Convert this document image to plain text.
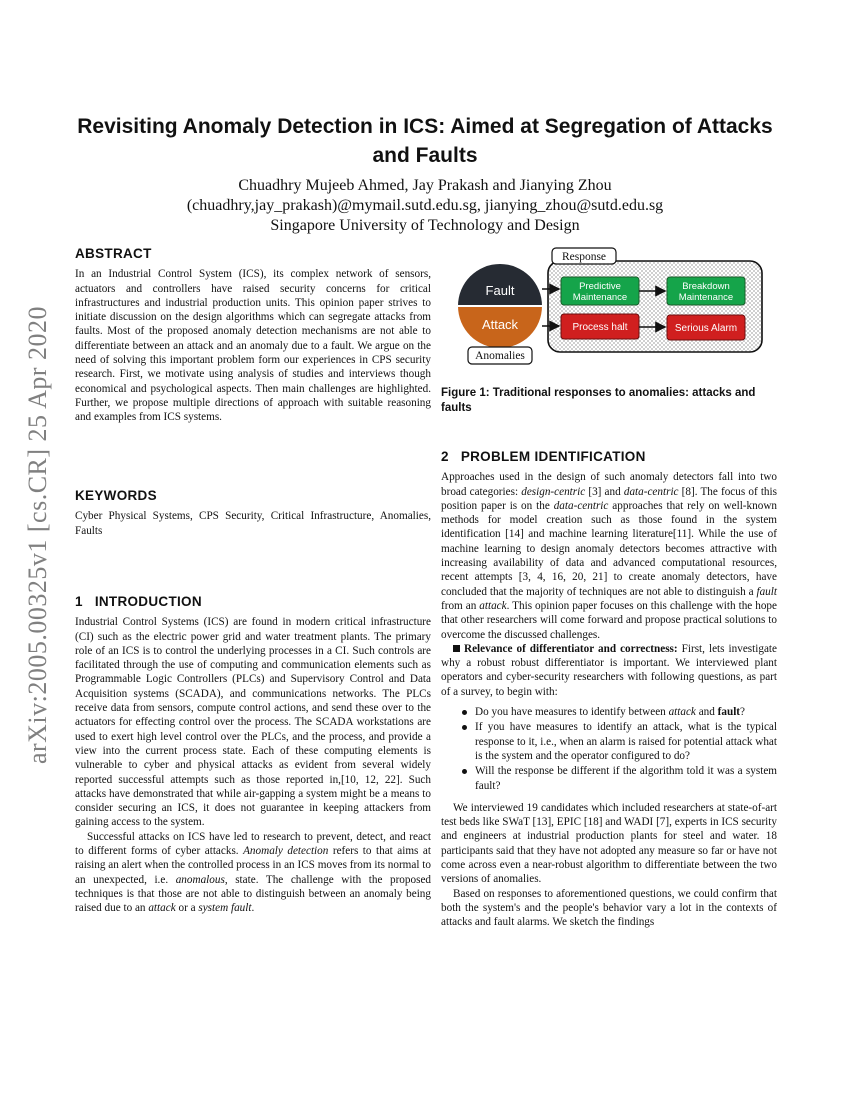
arXiv:2005.00325v1 [cs.CR] 25 Apr 2020
Revisiting Anomaly Detection in ICS: Aimed at Segregation of Attacks and Faults
Chuadhry Mujeeb Ahmed, Jay Prakash and Jianying Zhou
(chuadhry,jay_prakash)@mymail.sutd.edu.sg, jianying_zhou@sutd.edu.sg
Singapore University of Technology and Design
ABSTRACT

In an Industrial Control System (ICS), its complex network of sensors, actuators and controllers have raised security concerns for critical infrastructures and industrial production units. This opinion paper strives to initiate discussion on the design algorithms which can segregate attacks from faults. Most of the proposed anomaly detection mechanisms are not able to differentiate between an attack and an anomaly due to a fault. We argue on the need of solving this important problem form our experiences in CPS security research. First, we motivate using analysis of studies and interviews though economical and psychological aspects. Then main challenges are highlighted. Further, we propose multiple directions of approach with suitable reasoning and examples from ICS systems.

KEYWORDS

Cyber Physical Systems, CPS Security, Critical Infrastructure, Anomalies, Faults

1 INTRODUCTION

Industrial Control Systems (ICS) are found in modern critical infrastructure (CI) such as the electric power grid and water treatment plants. The primary role of an ICS is to control the underlying processes in a CI. Such controls are facilitated through the use of computing and communication elements such as Programmable Logic Controllers (PLCs) and Supervisory Control and Data Acquisition systems (SCADA), and communications networks. The PLCs receive data from sensors, compute control actions, and send these over to the actuators for effecting control over the process. The SCADA workstations are used to exert high level control over the PLCs, and the process, and provide a view into the current process state. Each of these computing elements is vulnerable to cyber and physical attacks as evident from several widely reported successful attempts such as those reported in,[10, 12, 22]. Such attacks have demonstrated that while air-gapping a system might be a means to consider securing an ICS, it does not guarantee in keeping attackers from gaining access to the system.

Successful attacks on ICS have led to research to prevent, detect, and react to different forms of cyber attacks. Anomaly detection refers to that aims at raising an alert when the controlled process in an ICS moves from its normal to an unexpected, i.e. anomalous, state. The challenge with the proposed techniques is that those are not able to distinguish between an anomaly being raised due to an attack or a system fault.

Response
Fault
Attack
Anomalies
Predictive
Maintenance
Breakdown
Maintenance
Process halt	Serious Alarm
Figure 1: Traditional responses to anomalies: attacks and faults
2 PROBLEM IDENTIFICATION

Approaches used in the design of such anomaly detectors fall into two broad categories: design-centric [3] and data-centric [8]. The focus of this position paper is on the data-centric approaches that rely on well-known methods for model creation such as those found in the system identification [14] and machine learning literature[11]. While the use of machine learning to design anomaly detectors becomes attractive with increasing availability of data and advanced computational resources, recent attempts [3, 4, 16, 20, 21] to create anomaly detectors, have concluded that the majority of techniques are not able to distinguish a fault from an attack. This opinion paper focuses on this challenge with the hope that other researchers will come forward and propose practical solutions to overcome the discussed challenges.

Relevance of differentiator and correctness: First, lets investigate why a robust robust differentiator is important. We interviewed plant operators and cyber-security researchers with following questions, as part of a survey, to begin with:

Do you have measures to identify between attack and fault?
If you have measures to identify an attack, what is the typical response to it, i.e., when an alarm is raised for potential attack what is the system and the operator configured to do?
Will the response be different if the algorithm told it was a system fault?

We interviewed 19 candidates which included researchers at state-of-art test beds like SWaT [13], EPIC [18] and WADI [7], experts in ICS security and engineers at industrial production plants for steel and water. 18 participants said that they have not adopted any measure so far or have not come across even a near-robust algorithm to differentiate between the two versions of anomalies.

Based on responses to aforementioned questions, we could confirm that both the system's and the people's behavior vary a lot in the contexts of attacks and fault alarms. We sketch the findings
